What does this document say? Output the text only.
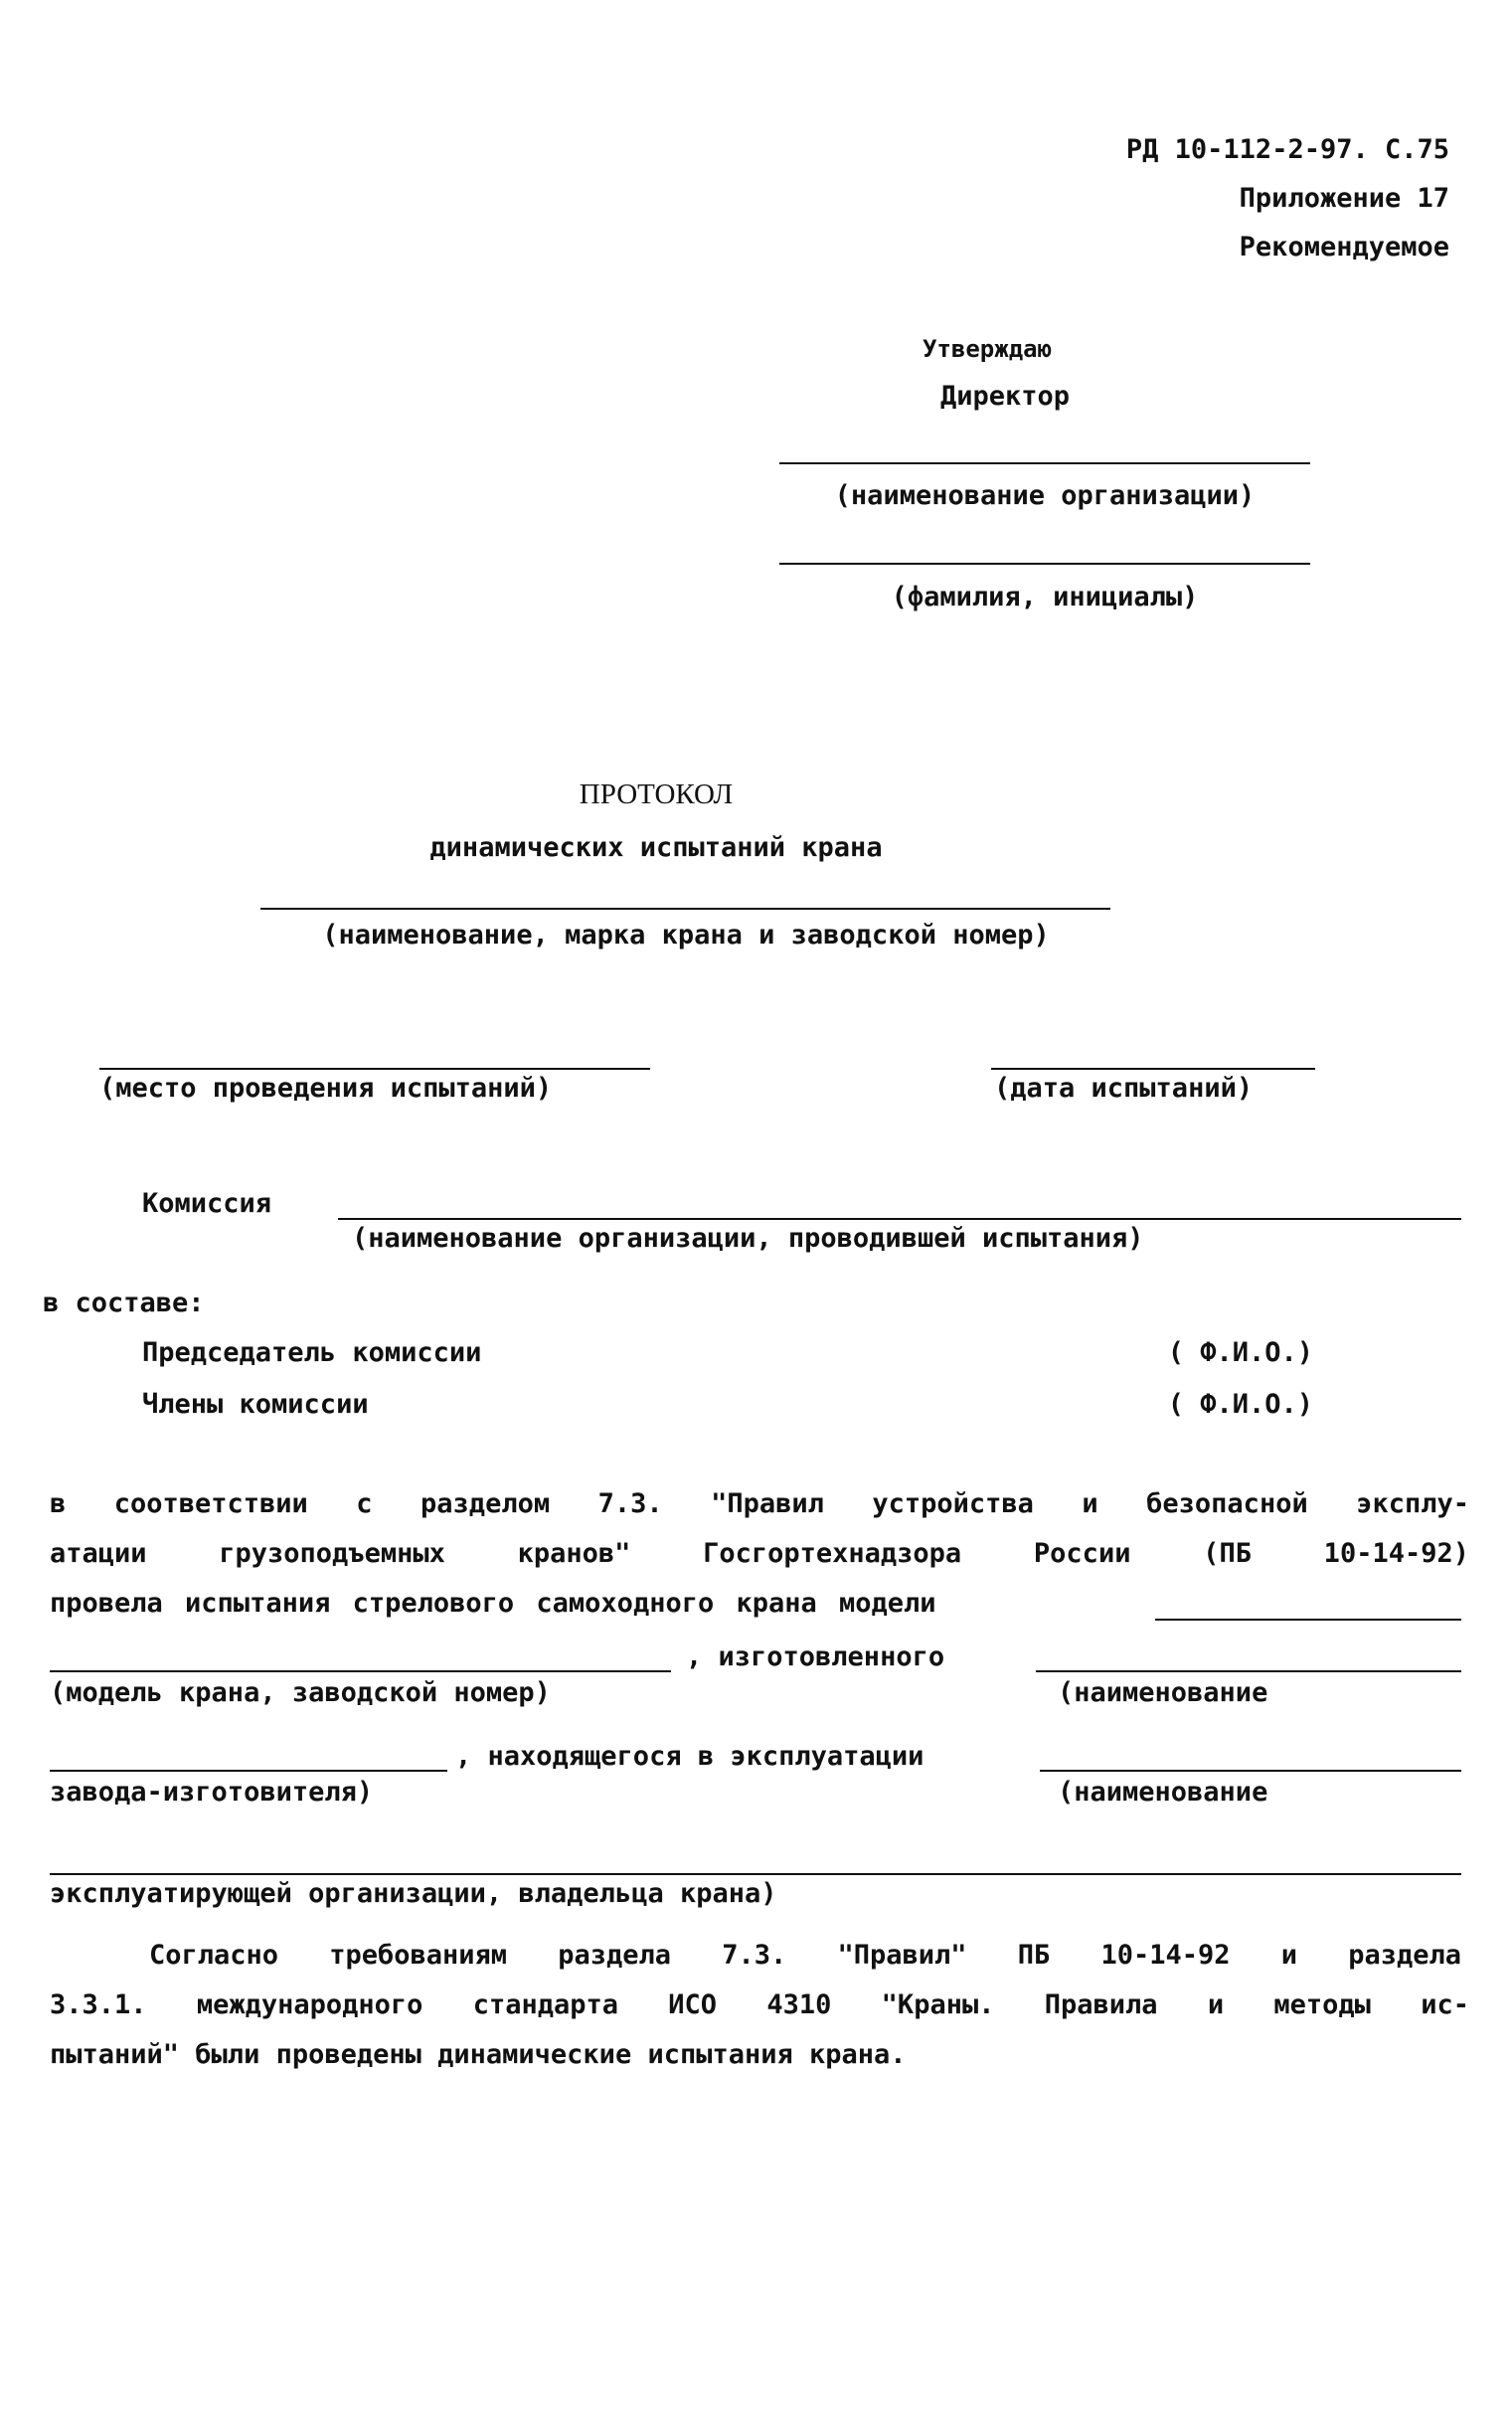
РД 10-112-2-97. С.75
Приложение 17
Рекомендуемое
Утверждаю
Директор
(наименование организации)
(фамилия, инициалы)
ПРОТОКОЛ
динамических испытаний крана
(наименование, марка крана и заводской номер)
(место проведения испытаний)	(дата испытаний)
Комиссия
(наименование организации, проводившей испытания)
в составе:
Председатель комиссии	( Ф.И.О.)
Члены комиссии	( Ф.И.О.)
в соответствии с разделом 7.3. "Правил устройства и безопасной эксплу-
атации грузоподъемных кранов" Госгортехнадзора России (ПБ 10-14-92)
провела испытания стрелового самоходного крана модели
, изготовленного
(модель крана, заводской номер)	(наименование
, находящегося в эксплуатации
завода-изготовителя)	(наименование
эксплуатирующей организации, владельца крана)
Согласно требованиям раздела 7.3. "Правил" ПБ 10-14-92 и раздела
3.3.1. международного стандарта ИСО 4310 "Краны. Правила и методы ис-
пытаний" были проведены динамические испытания крана.
